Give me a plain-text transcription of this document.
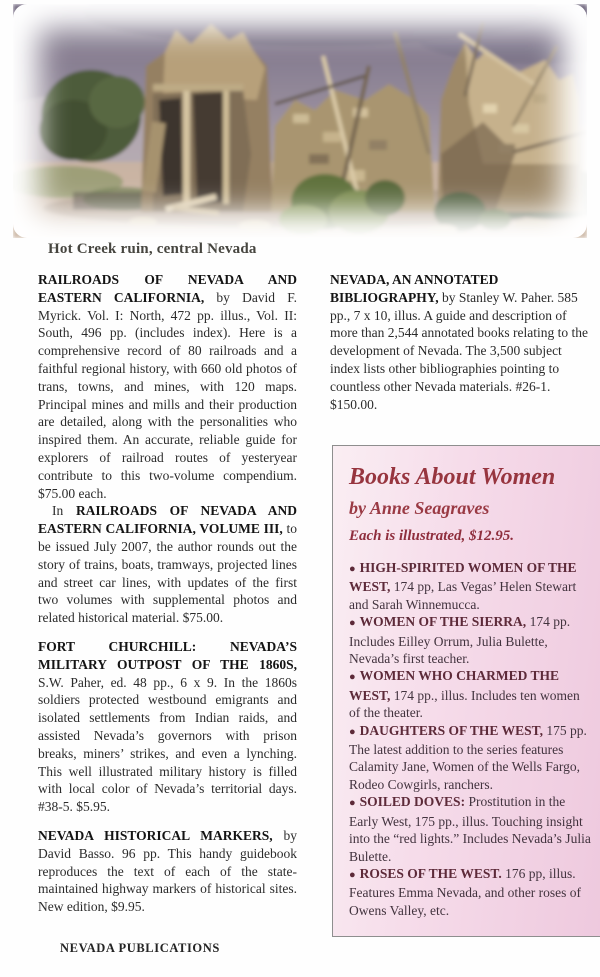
Hot Creek ruin, central Nevada

RAILROADS OF NEVADA AND EASTERN CALIFORNIA, by David F. Myrick. Vol. I: North, 472 pp. illus., Vol. II: South, 496 pp. (includes index). Here is a comprehensive record of 80 railroads and a faithful regional history, with 660 old photos of trans, towns, and mines, with 120 maps. Principal mines and mills and their production are detailed, along with the personalities who inspired them. An accurate, reliable guide for explorers of railroad routes of yesteryear contribute to this two-volume compendium. $75.00 each.

In RAILROADS OF NEVADA AND EASTERN CALIFORNIA, VOLUME III, to be issued July 2007, the author rounds out the story of trains, boats, tramways, projected lines and street car lines, with updates of the first two volumes with supplemental photos and related historical material. $75.00.

FORT CHURCHILL: NEVADA’S MILITARY OUTPOST OF THE 1860S, S.W. Paher, ed. 48 pp., 6 x 9. In the 1860s soldiers protected westbound emigrants and isolated settlements from Indian raids, and assisted Nevada’s governors with prison breaks, miners’ strikes, and even a lynching. This well illustrated military history is filled with local color of Nevada’s territorial days. #38-5. $5.95.

NEVADA HISTORICAL MARKERS, by David Basso. 96 pp. This handy guidebook reproduces the text of each of the state-maintained highway markers of historical sites. New edition, $9.95.

NEVADA, AN ANNOTATED BIBLIOGRAPHY, by Stanley W. Paher. 585 pp., 7 x 10, illus. A guide and description of more than 2,544 annotated books relating to the development of Nevada. The 3,500 subject index lists other bibliographies pointing to countless other Nevada materials. #26-1. $150.00.

Books About Women
by Anne Seagraves
Each is illustrated, $12.95.
● HIGH-SPIRITED WOMEN OF THE WEST, 174 pp, Las Vegas’ Helen Stewart and Sarah Winnemucca.
● WOMEN OF THE SIERRA, 174 pp. Includes Eilley Orrum, Julia Bulette, Nevada’s first teacher.
● WOMEN WHO CHARMED THE WEST, 174 pp., illus. Includes ten women of the theater.
● DAUGHTERS OF THE WEST, 175 pp. The latest addition to the series features Calamity Jane, Women of the Wells Fargo, Rodeo Cowgirls, ranchers.
● SOILED DOVES: Prostitution in the Early West, 175 pp., illus. Touching insight into the “red lights.” Includes Nevada’s Julia Bulette.
● ROSES OF THE WEST. 176 pp, illus. Features Emma Nevada, and other roses of Owens Valley, etc.
NEVADA PUBLICATIONS
